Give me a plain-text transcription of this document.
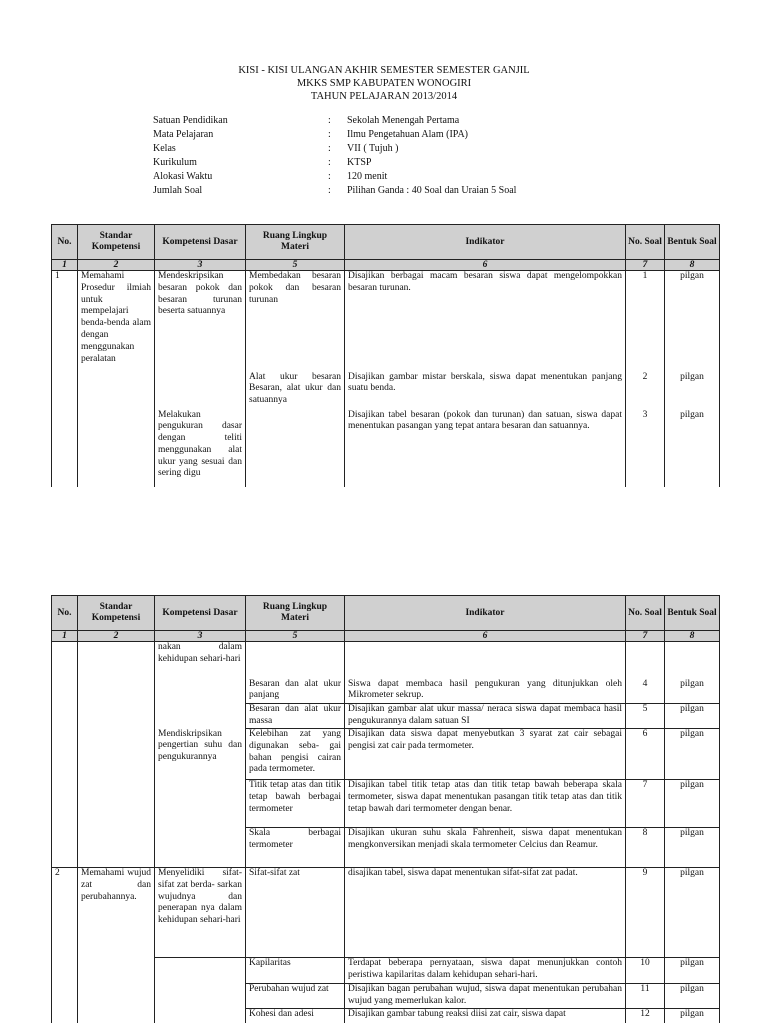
KISI - KISI ULANGAN AKHIR SEMESTER SEMESTER GANJIL
MKKS SMP KABUPATEN WONOGIRI
TAHUN PELAJARAN 2013/2014
Satuan Pendidikan	:	Sekolah Menengah Pertama
Mata Pelajaran	:	Ilmu Pengetahuan Alam (IPA)
Kelas	:	VII ( Tujuh )
Kurikulum	:	KTSP
Alokasi Waktu	:	120 menit
Jumlah Soal	:	Pilihan Ganda : 40 Soal dan Uraian 5 Soal
No.	Standar Kompetensi	Kompetensi Dasar	Ruang Lingkup Materi	Indikator	No. Soal	Bentuk Soal
1	2	3	5	6	7	8
1	Memahami Prosedur ilmiah untuk mempelajari benda-benda alam dengan menggunakan peralatan	Mendeskripsikan besaran pokok dan besaran turunan beserta satuannya	Membedakan besaran pokok dan besaran turunan	Disajikan berbagai macam besaran siswa dapat mengelompokkan besaran turunan.	1	pilgan
			Alat ukur besaran Besaran, alat ukur dan satuannya	Disajikan gambar mistar berskala, siswa dapat menentukan panjang suatu benda.	2	pilgan
		Melakukan pengukuran dasar dengan teliti menggunakan alat ukur yang sesuai dan sering digu		Disajikan tabel besaran (pokok dan turunan) dan satuan, siswa dapat menentukan pasangan yang tepat antara besaran dan satuannya.	3	pilgan
No.	Standar Kompetensi	Kompetensi Dasar	Ruang Lingkup Materi	Indikator	No. Soal	Bentuk Soal
1	2	3	5	6	7	8
		nakan dalam kehidupan sehari-hari				
			Besaran dan alat ukur panjang	Siswa dapat membaca hasil pengukuran yang ditunjukkan oleh Mikrometer sekrup.	4	pilgan
			Besaran dan alat ukur massa	Disajikan gambar alat ukur massa/ neraca siswa dapat membaca hasil pengukurannya dalam satuan SI	5	pilgan
		Mendiskripsikan pengertian suhu dan pengukurannya	Kelebihan zat yang digunakan seba- gai bahan pengisi cairan pada termometer.	Disajikan data siswa dapat menyebutkan 3 syarat zat cair sebagai pengisi zat cair pada termometer.	6	pilgan
			Titik tetap atas dan titik tetap bawah berbagai termometer	Disajikan tabel titik tetap atas dan titik tetap bawah beberapa skala termometer, siswa dapat menentukan pasangan titik tetap atas dan titik tetap bawah dari termometer dengan benar.	7	pilgan
			Skala berbagai termometer	Disajikan ukuran suhu skala Fahrenheit, siswa dapat menentukan mengkonversikan menjadi skala termometer Celcius dan Reamur.	8	pilgan
2	Memahami wujud zat dan perubahannya.	Menyelidiki sifat-sifat zat berda- sarkan wujudnya dan penerapan nya dalam kehidupan sehari-hari	Sifat-sifat zat	disajikan tabel, siswa dapat menentukan sifat-sifat zat padat.	9	pilgan
			Kapilaritas	Terdapat beberapa pernyataan, siswa dapat menunjukkan contoh peristiwa kapilaritas dalam kehidupan sehari-hari.	10	pilgan
			Perubahan wujud zat	Disajikan bagan perubahan wujud, siswa dapat menentukan perubahan wujud yang memerlukan kalor.	11	pilgan
			Kohesi dan adesi	Disajikan gambar tabung reaksi diisi zat cair, siswa dapat	12	pilgan
